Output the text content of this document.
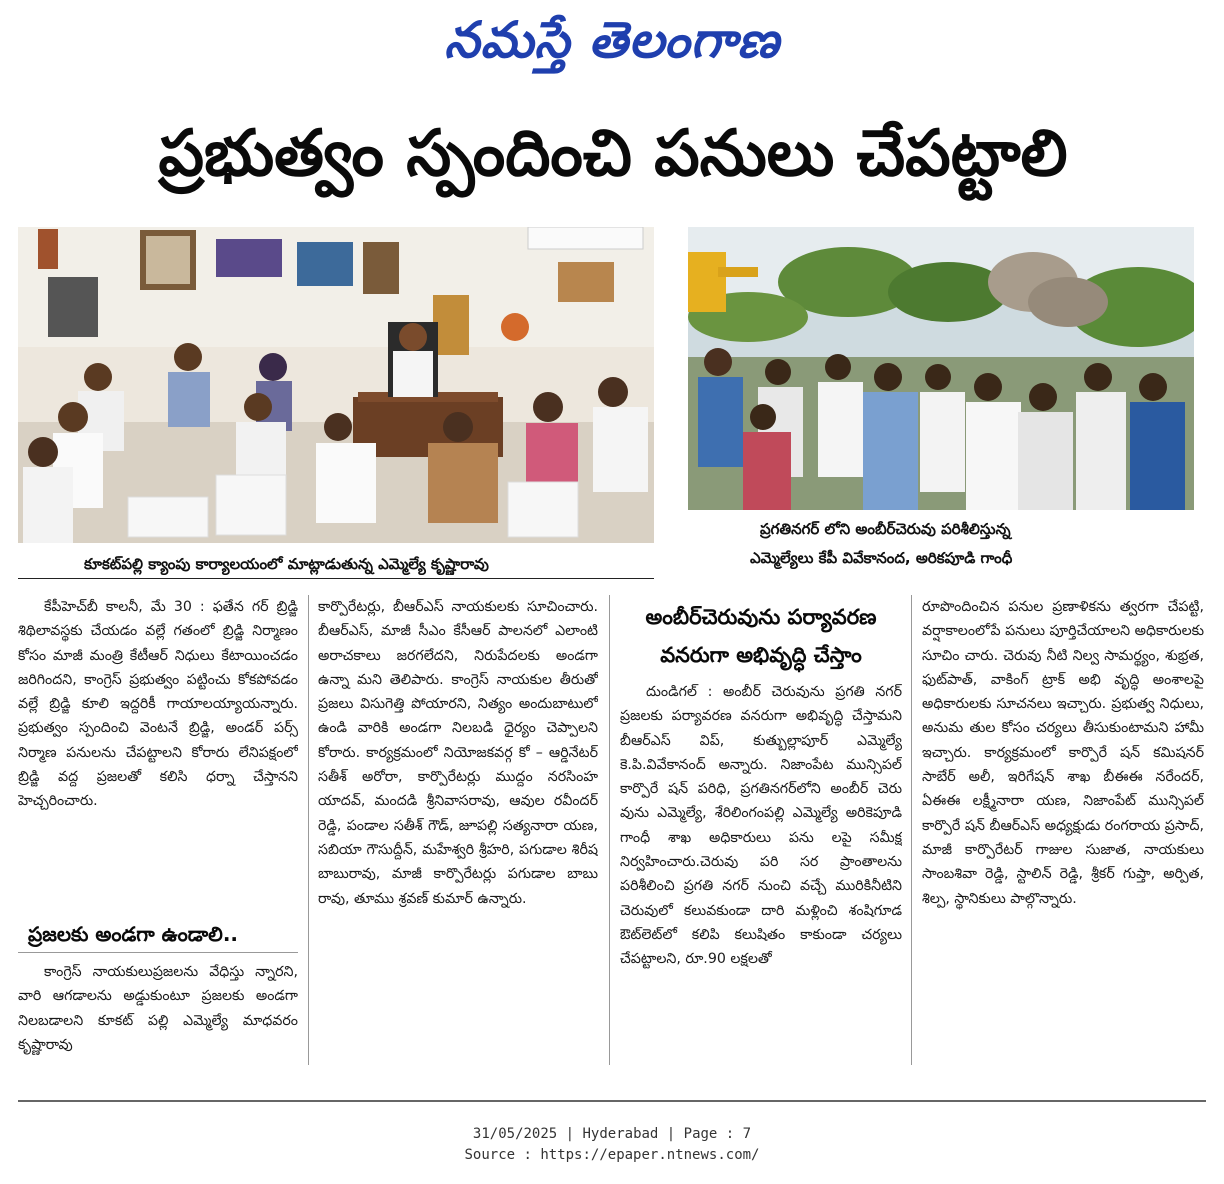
నమస్తే తెలంగాణ
ప్రభుత్వం స్పందించి పనులు చేపట్టాలి
కూకట్‌పల్లి క్యాంపు కార్యాలయంలో మాట్లాడుతున్న ఎమ్మెల్యే కృష్ణారావు
ప్రగతినగర్ లోని అంబీర్‌చెరువు పరిశీలిస్తున్న
ఎమ్మెల్యేలు కేపీ వివేకానంద, అరికపూడి గాంధీ

కేపీహెచ్‌బీ కాలనీ, మే 30 : ఫతేన గర్ బ్రిడ్జి శిథిలావస్థకు చేయడం వల్లే గతంలో బ్రిడ్జి నిర్మాణం కోసం మాజీ మంత్రి కేటీఆర్ నిధులు కేటాయించడం జరిగిందని, కాంగ్రెస్ ప్రభుత్వం పట్టించు కోకపోవడం వల్లే బ్రిడ్జి కూలి ఇద్దరికీ గాయాలయ్యాయన్నారు. ప్రభుత్వం స్పందించి వెంటనే బ్రిడ్జి, అండర్ పర్స్ నిర్మాణ పనులను చేపట్టాలని కోరారు లేనిపక్షంలో బ్రిడ్జి వద్ద ప్రజలతో కలిసి ధర్నా చేస్తానని హెచ్చరించారు.

ప్రజలకు అండగా ఉండాలి..

కాంగ్రెస్ నాయకులుప్రజలను వేధిస్తు న్నారని, వారి ఆగడాలను అడ్డుకుంటూ ప్రజలకు అండగా నిలబడాలని కూకట్ పల్లి ఎమ్మెల్యే మాధవరం కృష్ణారావు

కార్పొరేటర్లు, బీఆర్ఎస్ నాయకులకు సూచించారు. బీఆర్ఎస్, మాజీ సీఎం కేసీఆర్ పాలనలో ఎలాంటి అరాచకాలు జరగలేదని, నిరుపేదలకు అండగా ఉన్నా మని తెలిపారు. కాంగ్రెస్ నాయకుల తీరుతో ప్రజలు విసుగెత్తి పోయారని, నిత్యం అందుబాటులో ఉండి వారికి అండగా నిలబడి ధైర్యం చెప్పాలని కోరారు. కార్యక్రమంలో నియోజకవర్గ కో – ఆర్డినేటర్ సతీశ్ అరోరా, కార్పొరేటర్లు ముద్దం నరసింహ యాదవ్, మందడి శ్రీనివాసరావు, ఆవుల రవీందర్ రెడ్డి, పండాల సతీశ్ గౌడ్, జూపల్లి సత్యనారా యణ, సబియా గౌసుద్దీన్, మహేశ్వరి శ్రీహరి, పగుడాల శిరీష బాబురావు, మాజీ కార్పొరేటర్లు పగుడాల బాబు రావు, తూము శ్రవణ్ కుమార్ ఉన్నారు.

అంబీర్‌చెరువును పర్యావరణ వనరుగా అభివృద్ధి చేస్తాం

దుండిగల్ : అంబీర్ చెరువును ప్రగతి నగర్ ప్రజలకు పర్యావరణ వనరుగా అభివృద్ధి చేస్తామని బీఆర్ఎస్ విప్, కుత్బుల్లాపూర్ ఎమ్మెల్యే కె.పి.వివేకానంద్ అన్నారు. నిజాంపేట మున్సిపల్ కార్పొరే షన్ పరిధి, ప్రగతినగర్‌లోని అంబీర్ చెరు వును ఎమ్మెల్యే, శేరిలింగంపల్లి ఎమ్మెల్యే అరికెపూడి గాంధీ శాఖ అధికారులు పను లపై సమీక్ష నిర్వహించారు.చెరువు పరి సర ప్రాంతాలను పరిశీలించి ప్రగతి నగర్ నుంచి వచ్చే మురికినీటిని చెరువులో కలువకుండా దారి మళ్లించి శంషిగూడ ఔట్‌లెట్‌లో కలిపి కలుషితం కాకుండా చర్యలు చేపట్టాలని, రూ.90 లక్షలతో

రూపొందించిన పనుల ప్రణాళికను త్వరగా చేపట్టి, వర్షాకాలంలోపే పనులు పూర్తిచేయాలని అధికారులకు సూచిం చారు. చెరువు నీటి నిల్వ సామర్థ్యం, శుభ్రత, ఫుట్‌పాత్, వాకింగ్ ట్రాక్ అభి వృద్ధి అంశాలపై అధికారులకు సూచనలు ఇచ్చారు. ప్రభుత్వ నిధులు, అనుమ తుల కోసం చర్యలు తీసుకుంటామని హామీ ఇచ్చారు. కార్యక్రమంలో కార్పొరే షన్ కమిషనర్ సాబేర్ అలీ, ఇరిగేషన్ శాఖ బీఈఈ నరేందర్, ఏఈఈ లక్ష్మీనారా యణ, నిజాంపేట్ మున్సిపల్ కార్పొరే షన్ బీఆర్ఎస్ అధ్యక్షుడు రంగరాయ ప్రసాద్, మాజీ కార్పొరేటర్ గాజుల సుజాత, నాయకులు సాంబశివా రెడ్డి, స్టాలిన్ రెడ్డి, శ్రీకర్ గుప్తా, అర్పిత, శిల్ప, స్థానికులు పాల్గొన్నారు.

31/05/2025 | Hyderabad | Page : 7
Source : https://epaper.ntnews.com/
